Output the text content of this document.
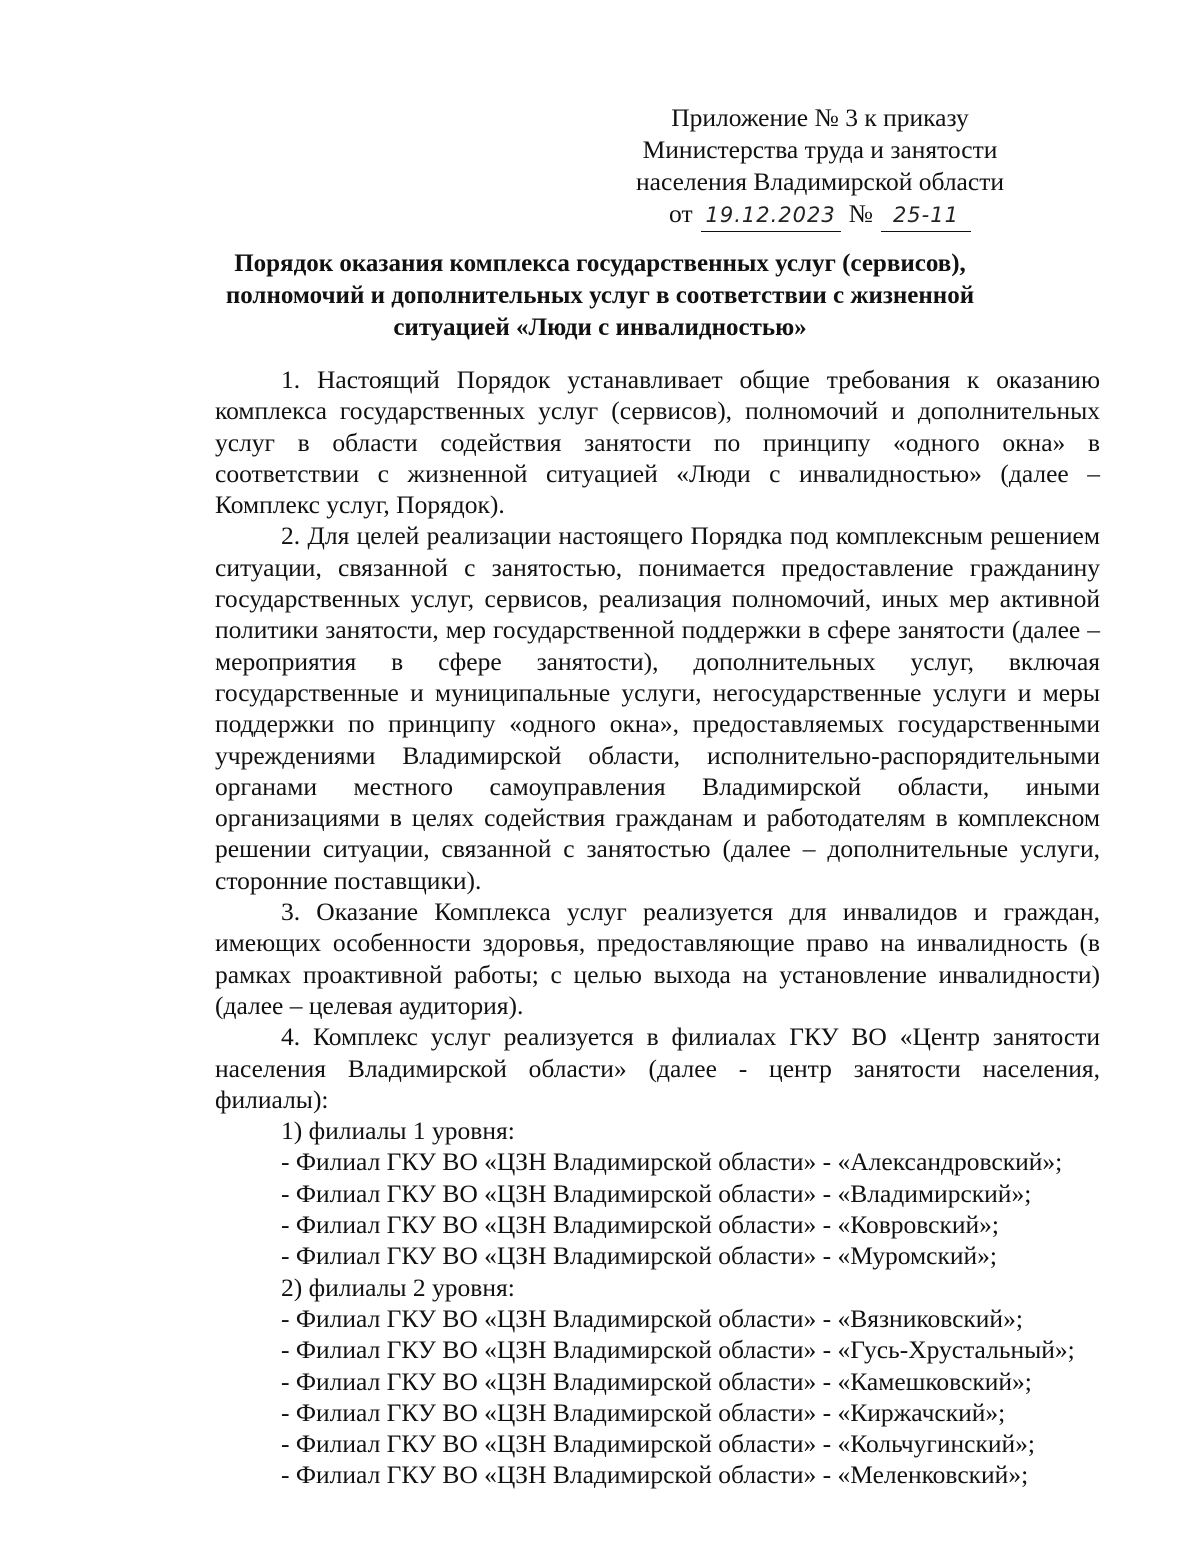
Приложение № 3 к приказу
Министерства труда и занятости
населения Владимирской области
от 19.12.2023 № 25-11
Порядок оказания комплекса государственных услуг (сервисов),
полномочий и дополнительных услуг в соответствии с жизненной
ситуацией «Люди с инвалидностью»

1. Настоящий Порядок устанавливает общие требования к оказанию комплекса государственных услуг (сервисов), полномочий и дополнительных услуг в области содействия занятости по принципу «одного окна» в соответствии с жизненной ситуацией «Люди с инвалидностью» (далее – Комплекс услуг, Порядок).

2. Для целей реализации настоящего Порядка под комплексным решением ситуации, связанной с занятостью, понимается предоставление гражданину государственных услуг, сервисов, реализация полномочий, иных мер активной политики занятости, мер государственной поддержки в сфере занятости (далее – мероприятия в сфере занятости), дополнительных услуг, включая государственные и муниципальные услуги, негосударственные услуги и меры поддержки по принципу «одного окна», предоставляемых государственными учреждениями Владимирской области, исполнительно-распорядительными органами местного самоуправления Владимирской области, иными организациями в целях содействия гражданам и работодателям в комплексном решении ситуации, связанной с занятостью (далее – дополнительные услуги, сторонние поставщики).

3. Оказание Комплекса услуг реализуется для инвалидов и граждан, имеющих особенности здоровья, предоставляющие право на инвалидность (в рамках проактивной работы; с целью выхода на установление инвалидности) (далее – целевая аудитория).

4. Комплекс услуг реализуется в филиалах ГКУ ВО «Центр занятости населения Владимирской области» (далее - центр занятости населения, филиалы):

1) филиалы 1 уровня:

- Филиал ГКУ ВО «ЦЗН Владимирской области» - «Александровский»;

- Филиал ГКУ ВО «ЦЗН Владимирской области» - «Владимирский»;

- Филиал ГКУ ВО «ЦЗН Владимирской области» - «Ковровский»;

- Филиал ГКУ ВО «ЦЗН Владимирской области» - «Муромский»;

2) филиалы 2 уровня:

- Филиал ГКУ ВО «ЦЗН Владимирской области» - «Вязниковский»;

- Филиал ГКУ ВО «ЦЗН Владимирской области» - «Гусь-Хрустальный»;

- Филиал ГКУ ВО «ЦЗН Владимирской области» - «Камешковский»;

- Филиал ГКУ ВО «ЦЗН Владимирской области» - «Киржачский»;

- Филиал ГКУ ВО «ЦЗН Владимирской области» - «Кольчугинский»;

- Филиал ГКУ ВО «ЦЗН Владимирской области» - «Меленковский»;
